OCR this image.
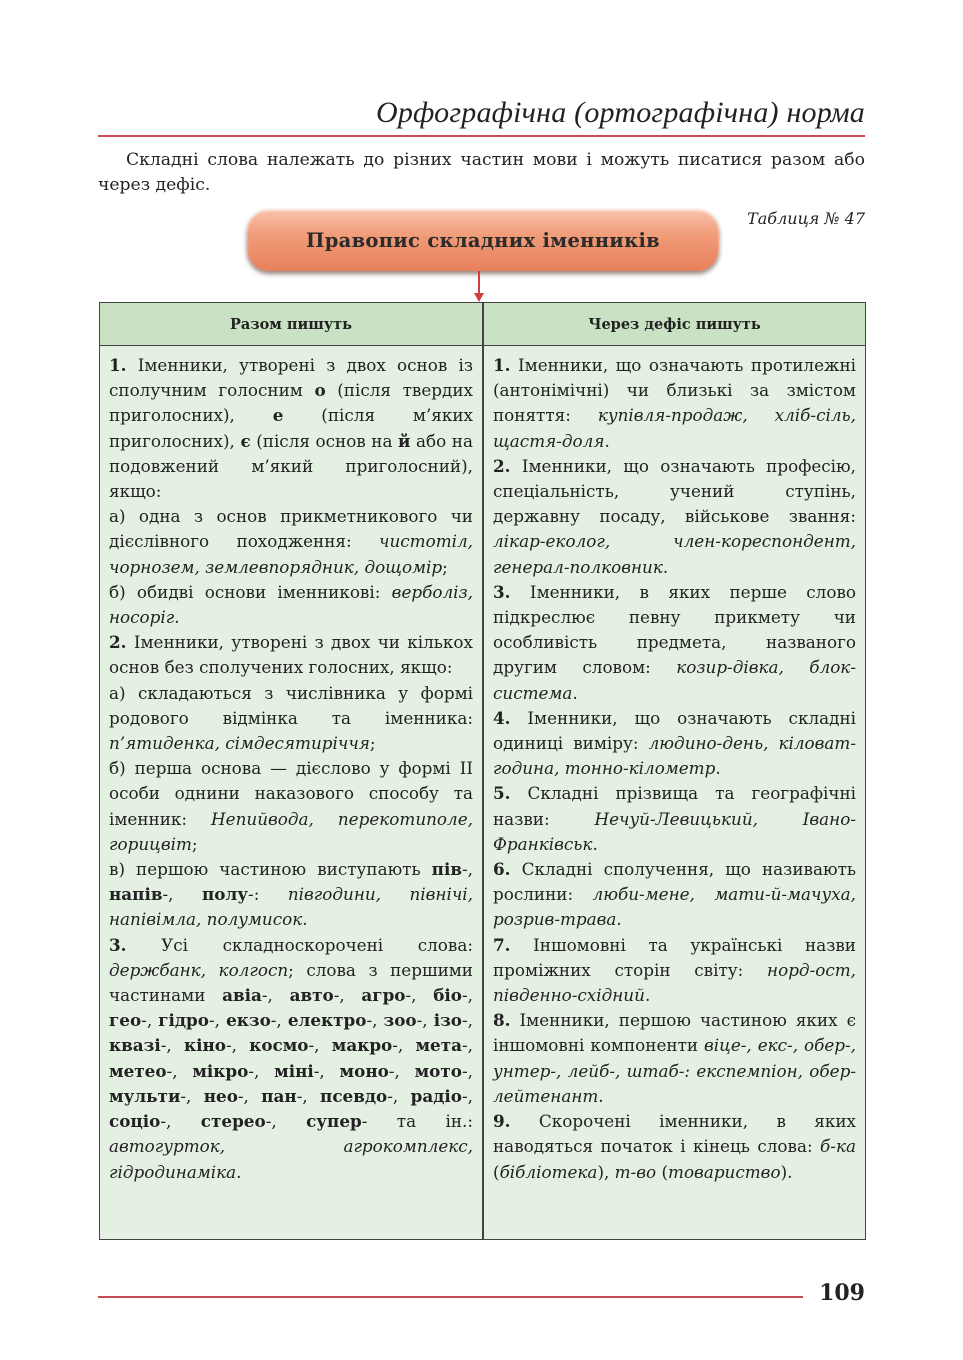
Орфографічна (ортографічна) норма
Складні слова належать до різних частин мови і можуть писатися разом або через дефіс.
Таблиця № 47
Правопис складних іменників
Разом пишуть	Через дефіс пишуть

1. Іменники, утворені з двох основ із сполучним голосним о (після твердих приголосних), е (після м’яких приголосних), є (після основ на й або на подовжений м’який приголосний), якщо:

а) одна з основ прикметникового чи дієслівного походження: чистотіл, чорнозем, землевпорядник, дощомір;

б) обидві основи іменникові: верболіз, носоріг.

2. Іменники, утворені з двох чи кількох основ без сполучених голосних, якщо:

а) складаються з числівника у формі родового відмінка та іменника: п’ятиденка, сімдесятиріччя;

б) перша основа — дієслово у формі ІІ особи однини наказового способу та іменник: Непийвода, перекотиполе, горицвіт;

в) першою частиною виступають пів-, напів-, полу-: півгодини, північі, напівімла, полумисок.

3. Усі складноскорочені слова: держбанк, колгосп; слова з першими частинами авіа-, авто-, агро-, біо-, гео-, гідро-, екзо-, електро-, зоо-, ізо-, квазі-, кіно-, космо-, макро-, мета-, метео-, мікро-, міні-, моно-, мото-, мульти-, нео-, пан-, псевдо-, радіо-, соціо-, стерео-, супер- та ін.: автогурток, агрокомплекс, гідродинаміка.

1. Іменники, що означають протилежні (антонімічні) чи близькі за змістом поняття: купівля-продаж, хліб-сіль, щастя-доля.

2. Іменники, що означають професію, спеціальність, учений ступінь, державну посаду, військове звання: лікар-еколог, член-кореспондент, генерал-полковник.

3. Іменники, в яких перше слово підкреслює певну прикмету чи особливість предмета, названого другим словом: козир-дівка, блок-система.

4. Іменники, що означають складні одиниці виміру: людино-день, кіловат-година, тонно-кілометр.

5. Складні прізвища та географічні назви: Нечуй-Левицький, Івано-Франківськ.

6. Складні сполучення, що називають рослини: люби-мене, мати-й-мачуха, розрив-трава.

7. Іншомовні та українські назви проміжних сторін світу: норд-ост, південно-східний.

8. Іменники, першою частиною яких є іншомовні компоненти віце-, екс-, обер-, унтер-, лейб-, штаб-: експемпіон, обер-лейтенант.

9. Скорочені іменники, в яких наводяться початок і кінець слова: б-ка (бібліотека), т-во (товариство).

109
